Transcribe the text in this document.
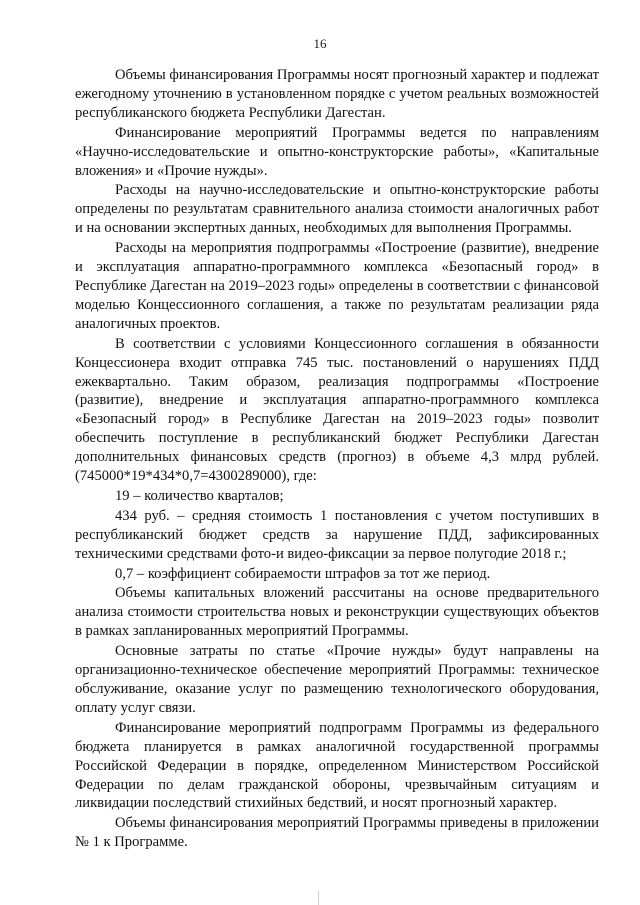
16

Объемы финансирования Программы носят прогнозный характер и подлежат ежегодному уточнению в установленном порядке с учетом реальных возможностей республиканского бюджета Республики Дагестан.

Финансирование мероприятий Программы ведется по направлениям «Научно-исследовательские и опытно-конструкторские работы», «Капитальные вложения» и «Прочие нужды».

Расходы на научно-исследовательские и опытно-конструкторские работы определены по результатам сравнительного анализа стоимости аналогичных работ и на основании экспертных данных, необходимых для выполнения Программы.

Расходы на мероприятия подпрограммы «Построение (развитие), внедрение и эксплуатация аппаратно-программного комплекса «Безопасный город» в Республике Дагестан на 2019–2023 годы» определены в соответствии с финансовой моделью Концессионного соглашения, а также по результатам реализации ряда аналогичных проектов.

В соответствии с условиями Концессионного соглашения в обязанности Концессионера входит отправка 745 тыс. постановлений о нарушениях ПДД ежеквартально. Таким образом, реализация подпрограммы «Построение (развитие), внедрение и эксплуатация аппаратно-программного комплекса «Безопасный город» в Республике Дагестан на 2019–2023 годы» позволит обеспечить поступление в республиканский бюджет Республики Дагестан дополнительных финансовых средств (прогноз) в объеме 4,3 млрд рублей. (745000*19*434*0,7=4300289000), где:

19 – количество кварталов;

434 руб. – средняя стоимость 1 постановления с учетом поступивших в республиканский бюджет средств за нарушение ПДД, зафиксированных техническими средствами фото-и видео-фиксации за первое полугодие 2018 г.;

0,7 – коэффициент собираемости штрафов за тот же период.

Объемы капитальных вложений рассчитаны на основе предварительного анализа стоимости строительства новых и реконструкции существующих объектов в рамках запланированных мероприятий Программы.

Основные затраты по статье «Прочие нужды» будут направлены на организационно-техническое обеспечение мероприятий Программы: техническое обслуживание, оказание услуг по размещению технологического оборудования, оплату услуг связи.

Финансирование мероприятий подпрограмм Программы из федерального бюджета планируется в рамках аналогичной государственной программы Российской Федерации в порядке, определенном Министерством Российской Федерации по делам гражданской обороны, чрезвычайным ситуациям и ликвидации последствий стихийных бедствий, и носят прогнозный характер.

Объемы финансирования мероприятий Программы приведены в приложении № 1 к Программе.
